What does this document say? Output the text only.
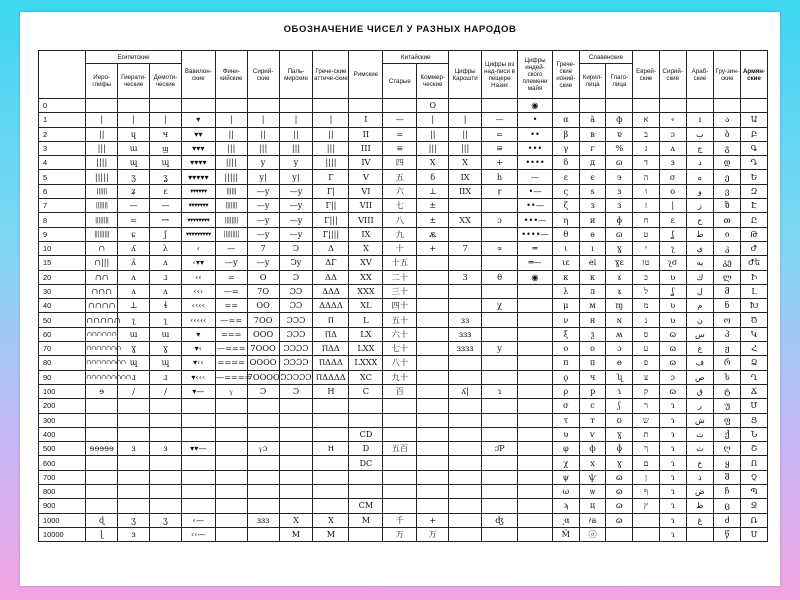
ОБОЗНАЧЕНИЕ ЧИСЕЛ У РАЗНЫХ НАРОДОВ
	Египетские			Вавилон-ские	Фини-кийские	Сирий-ские	Паль-мирские	Грече-ские аттиче-ские	Римские	Китайские		Цифры Карошти	Цифры из над-писи в пещере Назик	Цифры индей-ского племени майя	Грече-ские ионий-ские	Славянские		Еврей-ские	Сирий-ские	Араб-ские	Гру-зин-ские	Армян-ские
	Иеро-глифы	Гиерати-ческие	Демоти-ческие							Старые	Коммер-ческие					Кирил-лица	Глаго-лица					
0											О			◉								
1	|	|	|	▾	|	|	|	|	I	—	|	|	—	•	α	ã	ф	א	∘	ı	ა	Ա
2	||	ɥ	ч	▾▾	||	||	||	||	II	=	||	||	=	••	β	в	ɐ	ב	ɔ	ب	ბ	Բ
3	|||	ɯ	ϣ	▾▾▾	|||	|||	|||	|||	III	≡	|||	|||	≡	•••	γ	г	%	ג	ʌ	ج	გ	Գ
4	||||	ɰ	ɰ	▾▾▾▾	||||	y	y	||||	IV	四	X	X	+	••••	δ	д	ɷ	ד	ɜ	د	დ	Դ
5	|||||	ʒ	ʓ	▾▾▾▾▾	|||||	y|	y|	Г	V	五	δ	IX	h	—	ε	є	э	ה	σ	ه	ე	Ե
6	||||||	ʑ	ɛ	▾▾▾▾▾▾	||||||	—y	—y	Г|	VI	六	⊥	IIX	ŗ	•—	ς	ѕ	ɜ	ו	o	و	ვ	Զ
7	|||||||	—	—	▾▾▾▾▾▾▾	|||||||	—y	—y	Г||	VII	七	±			••—	ζ	з	ɜ	ז	|	ز	ზ	Է
8	||||||||	=	ꟷ	▾▾▾▾▾▾▾▾	||||||||	—y	—y	Г|||	VIII	八	±	XX	ɔ	•••—	η	и	ɸ	ח	ɛ	ح	თ	Ը
9	|||||||||	ɕ	ʃ	▾▾▾▾▾▾▾▾▾	|||||||||	—y	—y	Г||||	IX	九	ѫ			••••—	θ	ѳ	ɷ	ט	ʆ	ط	ი	Թ
10	∩	ʎ	λ	‹	—	7	Ↄ	Δ	X	十	+	7	∝	═	ι	ı	ɣ	י	ʅ	ي	კ	Ժ
15	∩|||	ʌ̃	ʌ	‹▾▾	—y	—y	Ↄy	ΔГ	XV	十五				═—	ιε	ei	ɣɛ	טו	ʅσ	يه	კე	Ժե
20	∩∩	ʌ	ɹ	‹‹	=	O	Ɔ	ΔΔ	XX	二十		3	θ	◉	κ	к	ɤ	כ	ʋ	ك	ლ	Ի
30	∩∩∩	ʌ	ʌ	‹‹‹	—=	7O	ƆƆ	ΔΔΔ	XXX	三十					λ	л	ɤ	ל	ʆ	ل	მ	Լ
40	∩∩∩∩	⊥	ɬ	‹‹‹‹	==	OO	ƆƆ	ΔΔΔΔ	XL	四十			χ		μ	м	ɱ	מ	ʋ	م	ნ	Խ
50	∩∩∩∩∩	ʅ	ʅ	‹‹‹‹‹	—==	7OO	ƆƆƆ	Ⲡ	L	五十		ɜɜ			ν	н	ɴ	נ	ʋ	ن	ო	Ծ
60	∩∩∩∩∩∩	ɯ	ɯ	▾	===	OOO	ƆƆƆ	ⲠΔ	LX	六十		ɜɜɜ			ξ	ѯ	ʍ	ס	ɷ	س	პ	Կ
70	∩∩∩∩∩∩∩	ɣ	ɣ	▾‹	—===	7OOO	ƆƆƆƆ	ⲠΔΔ	LXX	七十		ɜɜɜɜ	y		ο	о	ɔ	ע	ɷ	ع	ჟ	Հ
80	∩∩∩∩∩∩∩∩	ɰ	ɰ	▾‹‹	====	OOOO	ƆƆƆƆ	ⲠΔΔΔ	LXXX	八十					π	п	ɵ	פ	ɷ	ف	რ	Ձ
90	∩∩∩∩∩∩∩∩∩	ɹ	ɹ	▾‹‹‹	—====	7OOOO	ƆƆƆƆƆ	ⲠΔΔΔΔ	XC	九十					ϙ	ч	ʯ	צ	ɔ	ص	ს	Ղ
100	ɘ	/	/	▾—	ⲩ	Ɔ	Ɔ	H	C	百		ʎ|	ɿ		ρ	р	ɿ	ק	ɷ	ق	ტ	Ճ
200															σ	с	ʃ	ר	ɿ	ر	უ	Մ
300															τ	т	ʊ	ש	ɿ	ش	ფ	Յ
400									CD						υ	ѵ	ɣ	ת	ɿ	ت	ქ	Ն
500	ɘɘɘɘɘ	ɜ	ɜ	▾▾—		ⲩɔ		Ⲏ	D	五百			ɔƤ		φ	ф	ɸ	ךּ	ɿ	ث	ღ	Շ
600									DC						χ	х	ɣ	ם	ɿ	خ	ყ	Ո
700															ψ	ѱ	ɷ	ן	ɿ	ذ	შ	Չ
800															ω	ѡ	ɷ	ף	ɿ	ض	ჩ	Պ
900									CM						ϡ	ц	ɷ	ץ	ɿ	ظ	ც	Ջ
1000	ɖ	ʒ	ʒ	‹—		ɜɜɜ	X	X	M	千	+		ʤ		͵α	҂а	ɷ		ɿ	غ	ძ	Ռ
10000	ɭ	ɜ		‹‹—			M	M		万	万				M̈	ⓐ			ɿ		წ	Ս
